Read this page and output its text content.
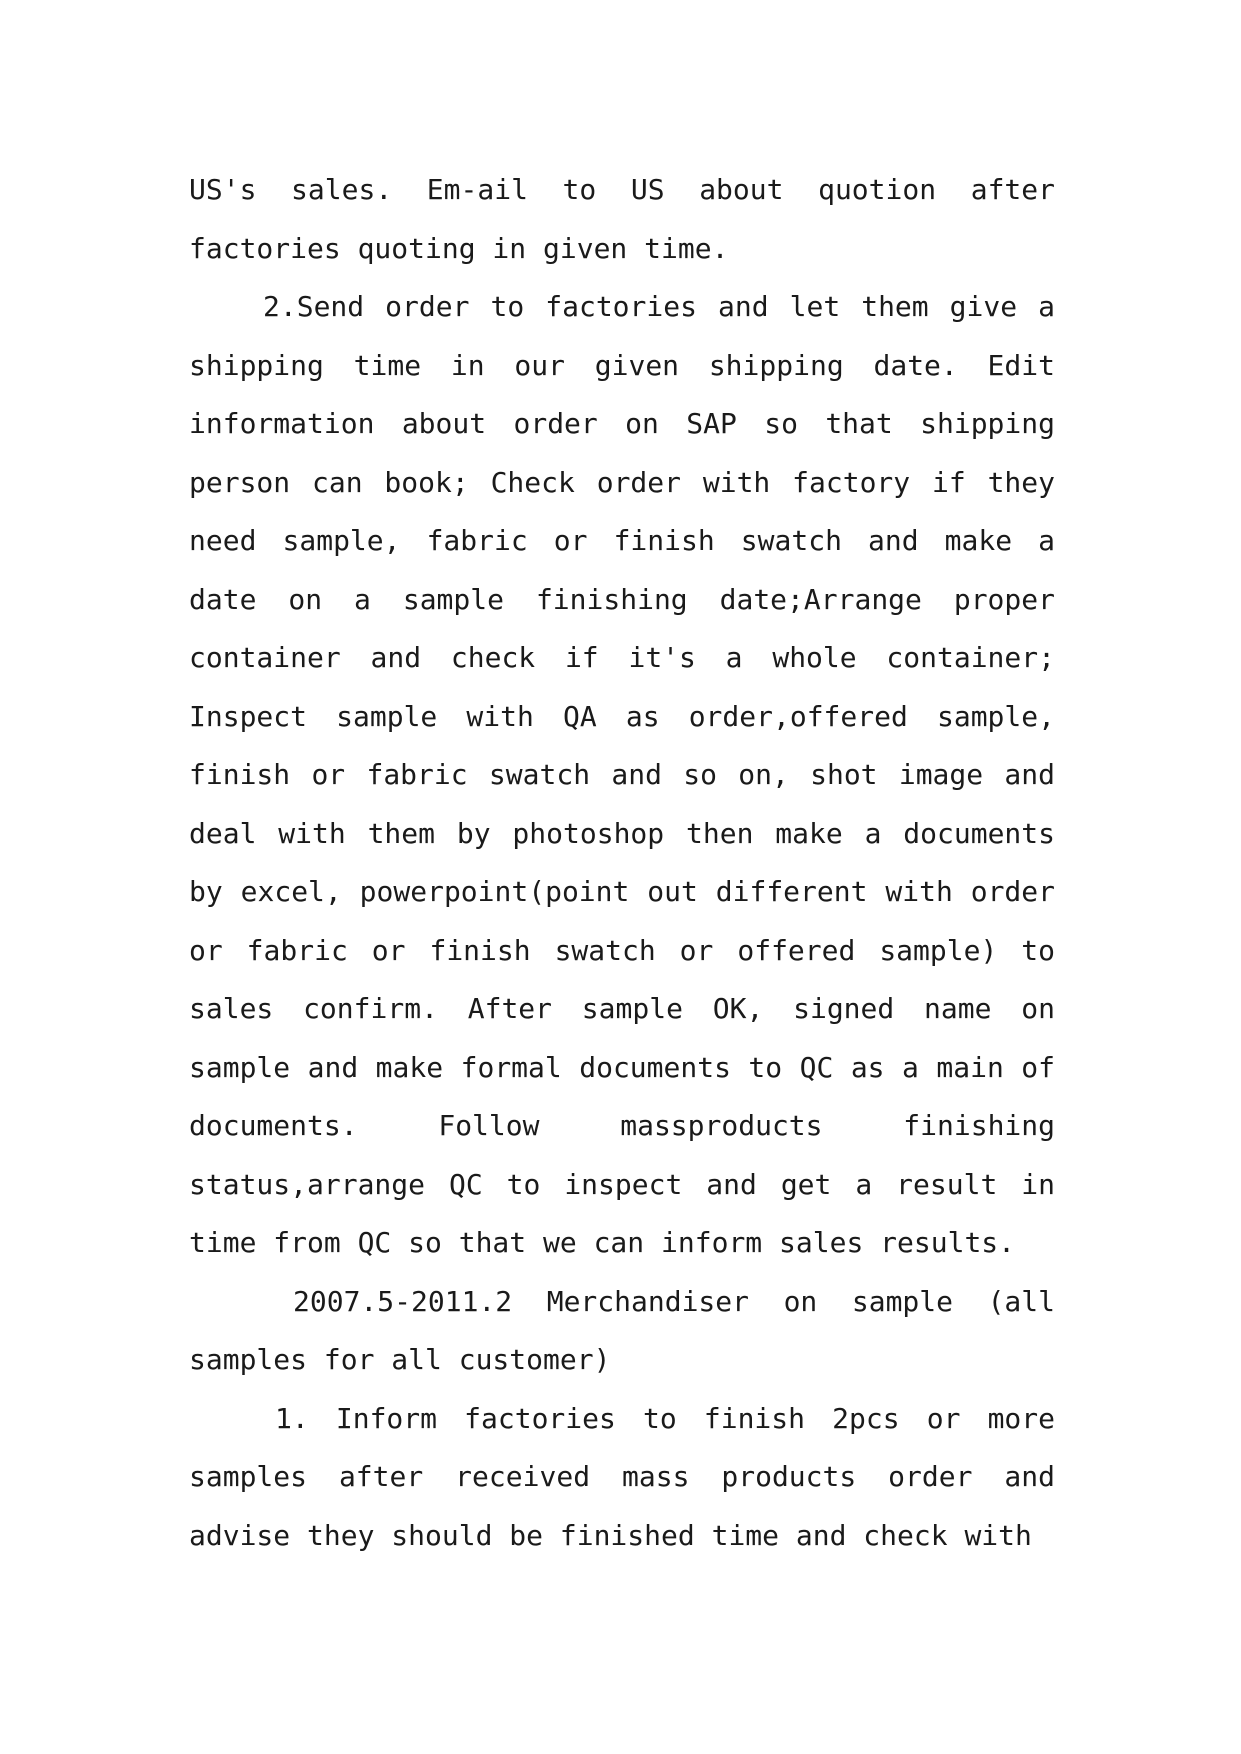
US's sales. Em-ail to US about quotion after factories quoting in given time.

2.Send order to factories and let them give a shipping time in our given shipping date. Edit information about order on SAP so that shipping person can book; Check order with factory if they need sample, fabric or finish swatch and make a date on a sample finishing date;Arrange proper container and check if it's a whole container; Inspect sample with QA as order,offered sample, finish or fabric swatch and so on, shot image and deal with them by photoshop then make a documents by excel, powerpoint(point out different with order or fabric or finish swatch or offered sample) to sales confirm. After sample OK, signed name on sample and make formal documents to QC as a main of documents. Follow massproducts finishing status,arrange QC to inspect and get a result in time from QC so that we can inform sales results.

2007.5-2011.2 Merchandiser on sample (all samples for all customer)

1. Inform factories to finish 2pcs or more samples after received mass products order and advise they should be finished time and check with
